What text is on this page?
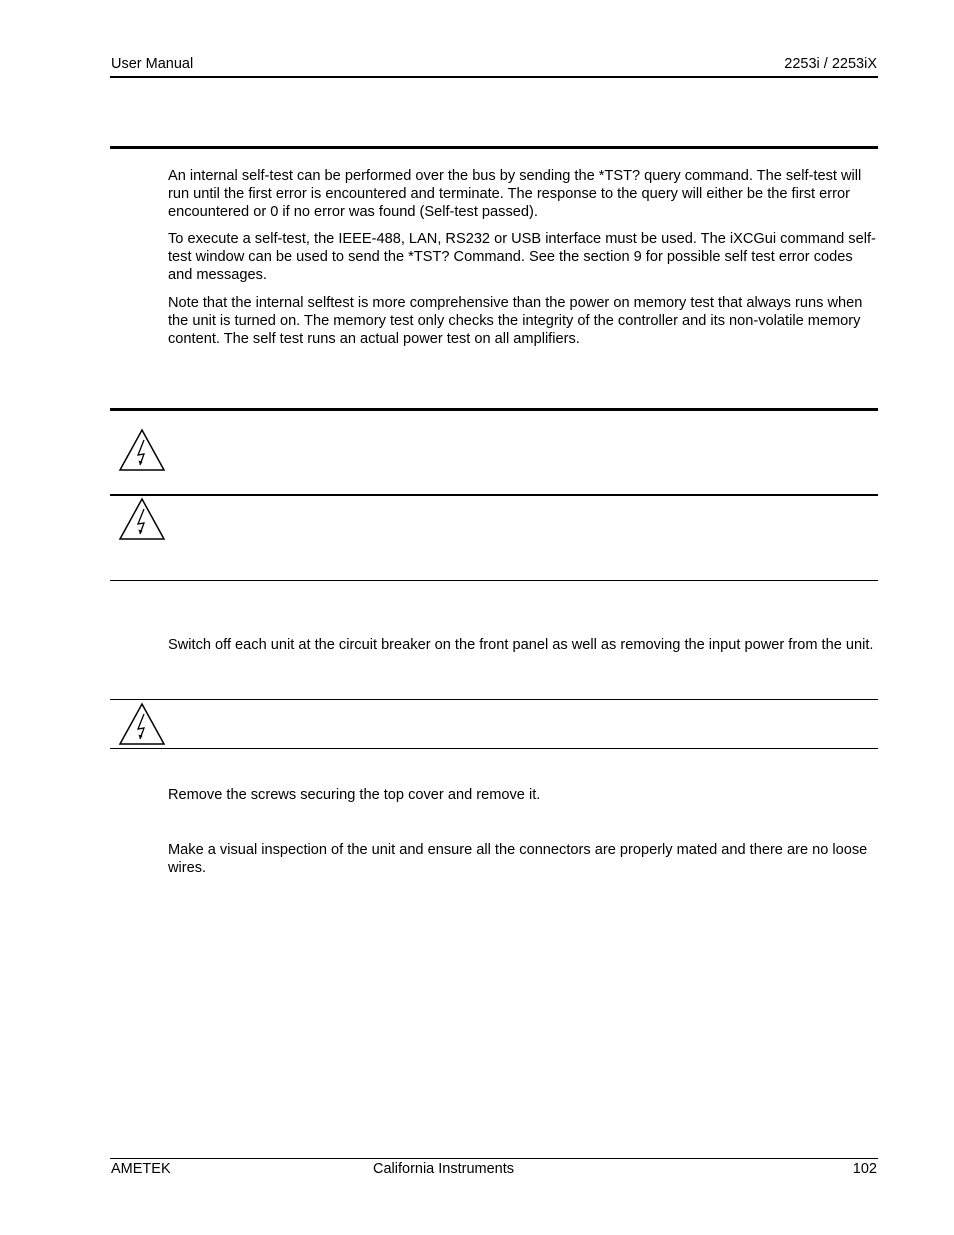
User Manual	2253i / 2253iX

An internal self-test can be performed over the bus by sending the *TST? query command. The self-test will run until the first error is encountered and terminate. The response to the query will either be the first error encountered or 0 if no error was found (Self-test passed).

To execute a self-test, the IEEE-488, LAN, RS232 or USB interface must be used. The iXCGui command self-test window can be used to send the *TST? Command. See the section 9 for possible self test error codes and messages.

Note that the internal selftest is more comprehensive than the power on memory test that always runs when the unit is turned on. The memory test only checks the integrity of the controller and its non-volatile memory content. The self test runs an actual power test on all amplifiers.

Switch off each unit at the circuit breaker on the front panel as well as removing the input power from the unit.

Remove the screws securing the top cover and remove it.

Make a visual inspection of the unit and ensure all the connectors are properly mated and there are no loose wires.

AMETEK	California Instruments	102
